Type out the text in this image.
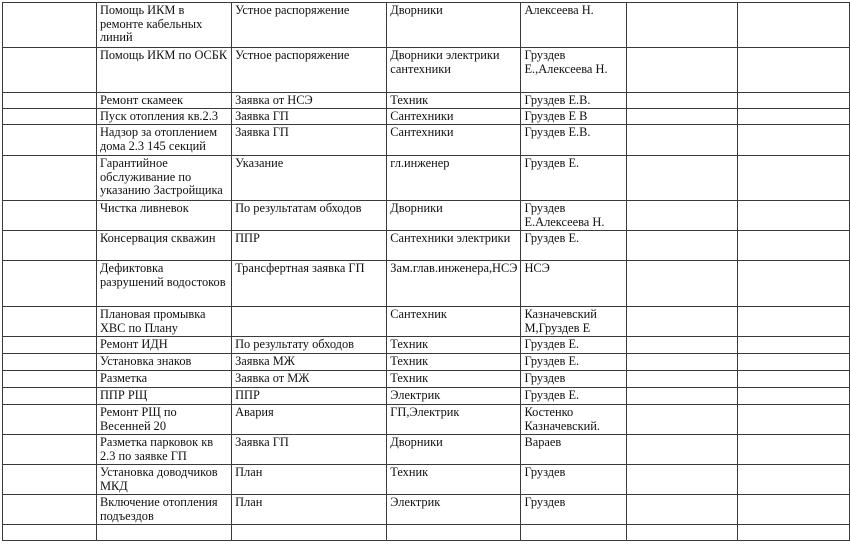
	Помощь ИКМ в ремонте кабельных линий	Устное распоряжение	Дворники	Алексеева Н.		
	Помощь ИКМ по ОСБК	Устное распоряжение	Дворники электрики сантехники	Груздев Е.,Алексеева Н.		
	Ремонт скамеек	Заявка от НСЭ	Техник	Груздев Е.В.		
	Пуск отопления кв.2.3	Заявка ГП	Сантехники	Груздев Е В		
	Надзор за отоплением дома 2.3 145 секций	Заявка ГП	Сантехники	Груздев Е.В.		
	Гарантийное обслуживание по указанию Застройщика	Указание	гл.инженер	Груздев Е.		
	Чистка ливневок	По результатам обходов	Дворники	Груздев Е.Алексеева Н.		
	Консервация скважин	ППР	Сантехники электрики	Груздев Е.		
	Дефиктовка разрушений водостоков	Трансфертная заявка ГП	Зам.глав.инженера,НСЭ	НСЭ		
	Плановая промывка ХВС по Плану		Сантехник	Казначевский М,Груздев Е		
	Ремонт ИДН	По результату обходов	Техник	Груздев Е.		
	Установка знаков	Заявка МЖ	Техник	Груздев Е.		
	Разметка	Заявка от МЖ	Техник	Груздев		
	ППР РЩ	ППР	Электрик	Груздев Е.		
	Ремонт РЩ по Весенней 20	Авария	ГП,Электрик	Костенко Казначевский.		
	Разметка парковок кв 2.3 по заявке ГП	Заявка ГП	Дворники	Вараев		
	Установка доводчиков МКД	План	Техник	Груздев		
	Включение отопления подъездов	План	Электрик	Груздев		
